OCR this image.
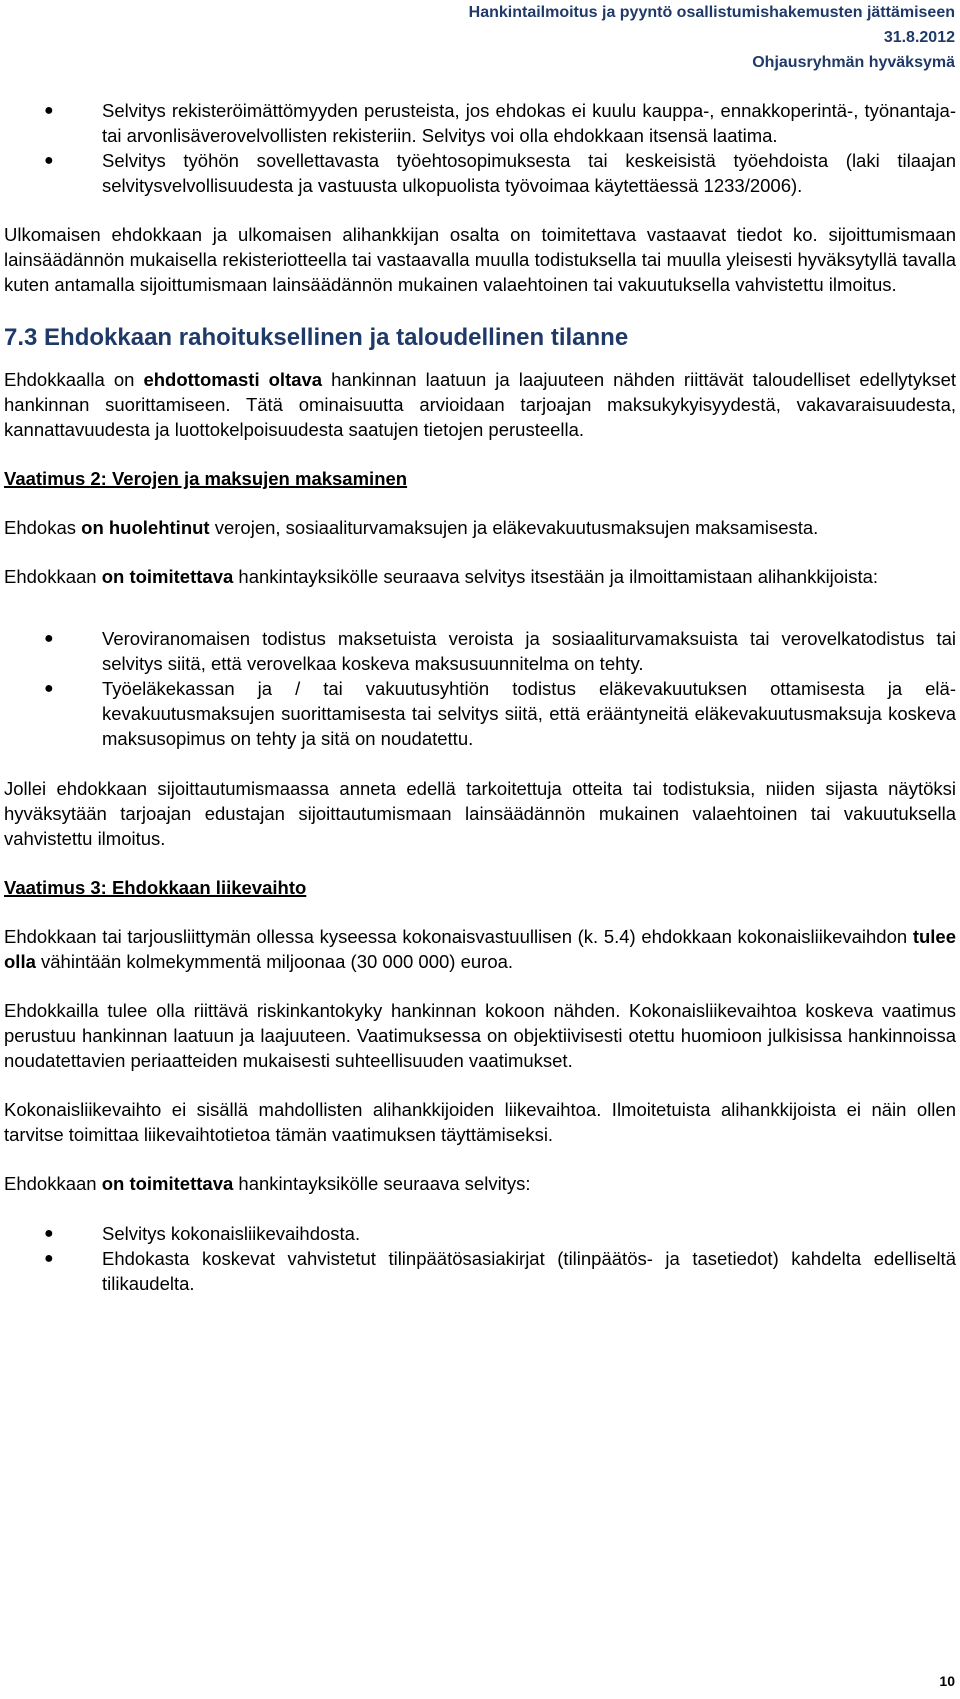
Hankintailmoitus ja pyyntö osallistumishakemusten jättämiseen
31.8.2012
Ohjausryhmän hyväksymä
●	Selvitys rekisteröimättömyyden perusteista, jos ehdokas ei kuulu kauppa-, ennakkoperintä-, työnantaja- tai arvonlisäverovelvollisten rekisteriin. Selvitys voi olla ehdokkaan itsensä laatima.
●	Selvitys työhön sovellettavasta työehtosopimuksesta tai keskeisistä työehdoista (laki tilaajan selvitysvelvollisuudesta ja vastuusta ulkopuolista työvoimaa käytettäessä 1233/2006).

Ulkomaisen ehdokkaan ja ulkomaisen alihankkijan osalta on toimitettava vastaavat tiedot ko. sijoittumismaan lainsäädännön mukaisella rekisteriotteella tai vastaavalla muulla todistuksella tai muulla yleisesti hyväksytyllä tavalla kuten antamalla sijoittumismaan lainsäädännön mukainen valaehtoinen tai vakuutuksella vahvistettu ilmoitus.

7.3 Ehdokkaan rahoituksellinen ja taloudellinen tilanne

Ehdokkaalla on ehdottomasti oltava hankinnan laatuun ja laajuuteen nähden riittävät taloudelliset edellytykset hankinnan suorittamiseen. Tätä ominaisuutta arvioidaan tarjoajan maksukykyisyydestä, vakavaraisuudesta, kannattavuudesta ja luottokelpoisuudesta saatujen tietojen perusteella.

Vaatimus 2: Verojen ja maksujen maksaminen

Ehdokas on huolehtinut verojen, sosiaaliturvamaksujen ja eläkevakuutusmaksujen maksamisesta.

Ehdokkaan on toimitettava hankintayksikölle seuraava selvitys itsestään ja ilmoittamistaan alihankkijoista:

●	Veroviranomaisen todistus maksetuista veroista ja sosiaaliturvamaksuista tai verovelkatodistus tai selvitys siitä, että verovelkaa koskeva maksusuunnitelma on tehty.
●	Työeläkekassan ja / tai vakuutusyhtiön todistus eläkevakuutuksen ottamisesta ja eläkevakuutusmaksujen suorittamisesta tai selvitys siitä, että erääntyneitä eläkevakuutusmaksuja koskeva maksusopimus on tehty ja sitä on noudatettu.

Jollei ehdokkaan sijoittautumismaassa anneta edellä tarkoitettuja otteita tai todistuksia, niiden sijasta näytöksi hyväksytään tarjoajan edustajan sijoittautumismaan lainsäädännön mukainen valaehtoinen tai vakuutuksella vahvistettu ilmoitus.

Vaatimus 3: Ehdokkaan liikevaihto

Ehdokkaan tai tarjousliittymän ollessa kyseessa kokonaisvastuullisen (k. 5.4) ehdokkaan kokonaisliikevaihdon tulee olla vähintään kolmekymmentä miljoonaa (30 000 000) euroa.

Ehdokkailla tulee olla riittävä riskinkantokyky hankinnan kokoon nähden. Kokonaisliikevaihtoa koskeva vaatimus perustuu hankinnan laatuun ja laajuuteen. Vaatimuksessa on objektiivisesti otettu huomioon julkisissa hankinnoissa noudatettavien periaatteiden mukaisesti suhteellisuuden vaatimukset.

Kokonaisliikevaihto ei sisällä mahdollisten alihankkijoiden liikevaihtoa. Ilmoitetuista alihankkijoista ei näin ollen tarvitse toimittaa liikevaihtotietoa tämän vaatimuksen täyttämiseksi.

Ehdokkaan on toimitettava hankintayksikölle seuraava selvitys:

●	Selvitys kokonaisliikevaihdosta.
●	Ehdokasta koskevat vahvistetut tilinpäätösasiakirjat (tilinpäätös- ja tasetiedot) kahdelta edelliseltä tilikaudelta.
10
